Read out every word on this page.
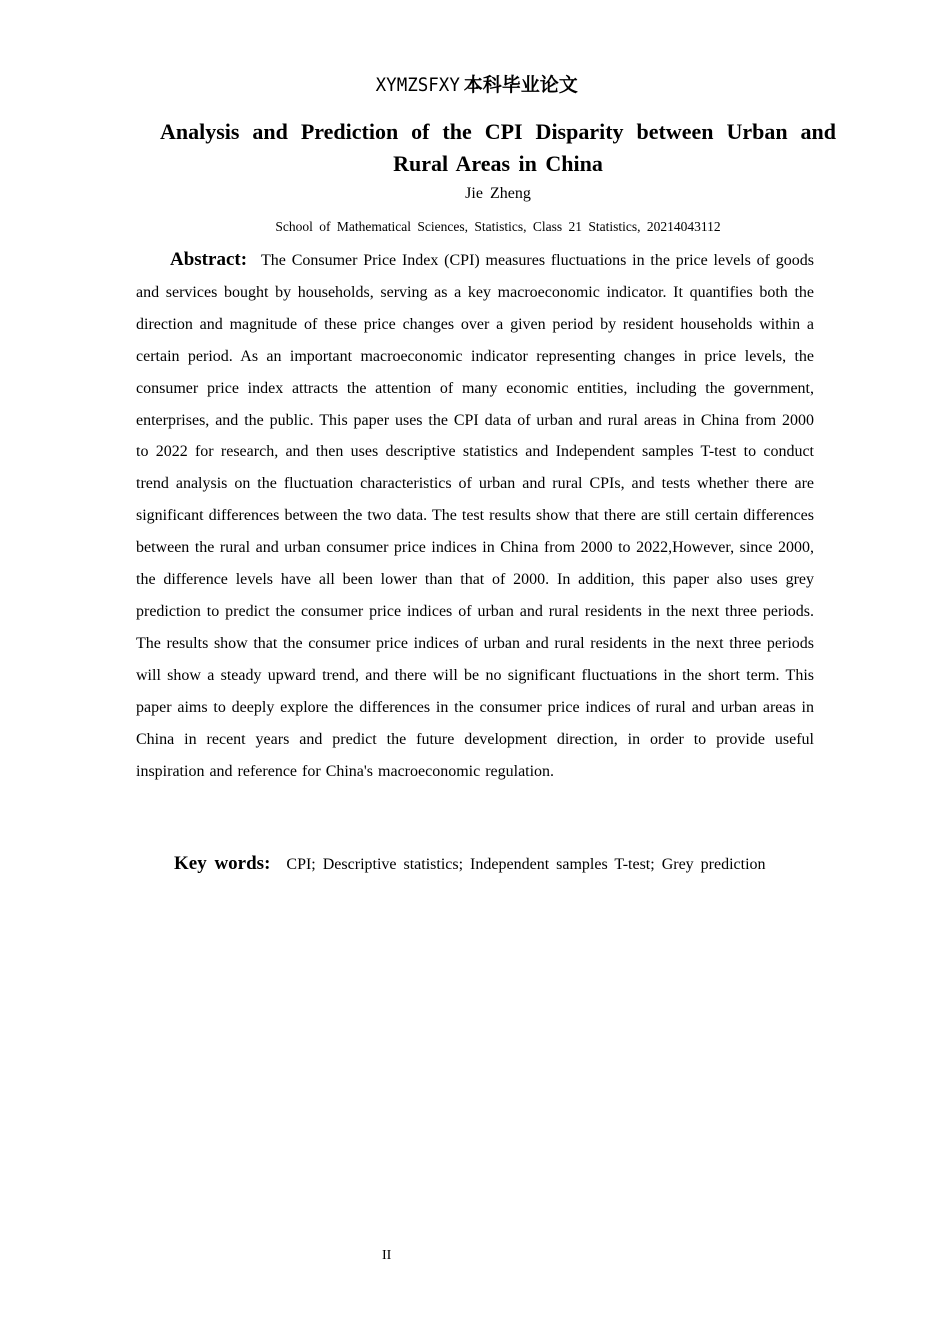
XYMZSFXY 本科毕业论文
Analysis and Prediction of the CPI Disparity between Urban and Rural Areas in China
Jie Zheng
School of Mathematical Sciences, Statistics, Class 21 Statistics, 20214043112
Abstract: The Consumer Price Index (CPI) measures fluctuations in the price levels of goods and services bought by households, serving as a key macroeconomic indicator. It quantifies both the direction and magnitude of these price changes over a given period by resident households within a certain period. As an important macroeconomic indicator representing changes in price levels, the consumer price index attracts the attention of many economic entities, including the government, enterprises, and the public. This paper uses the CPI data of urban and rural areas in China from 2000 to 2022 for research, and then uses descriptive statistics and Independent samples T-test to conduct trend analysis on the fluctuation characteristics of urban and rural CPIs, and tests whether there are significant differences between the two data. The test results show that there are still certain differences between the rural and urban consumer price indices in China from 2000 to 2022,However, since 2000, the difference levels have all been lower than that of 2000. In addition, this paper also uses grey prediction to predict the consumer price indices of urban and rural residents in the next three periods. The results show that the consumer price indices of urban and rural residents in the next three periods will show a steady upward trend, and there will be no significant fluctuations in the short term. This paper aims to deeply explore the differences in the consumer price indices of rural and urban areas in China in recent years and predict the future development direction, in order to provide useful inspiration and reference for China's macroeconomic regulation.
Key words: CPI; Descriptive statistics; Independent samples T-test; Grey prediction
II
